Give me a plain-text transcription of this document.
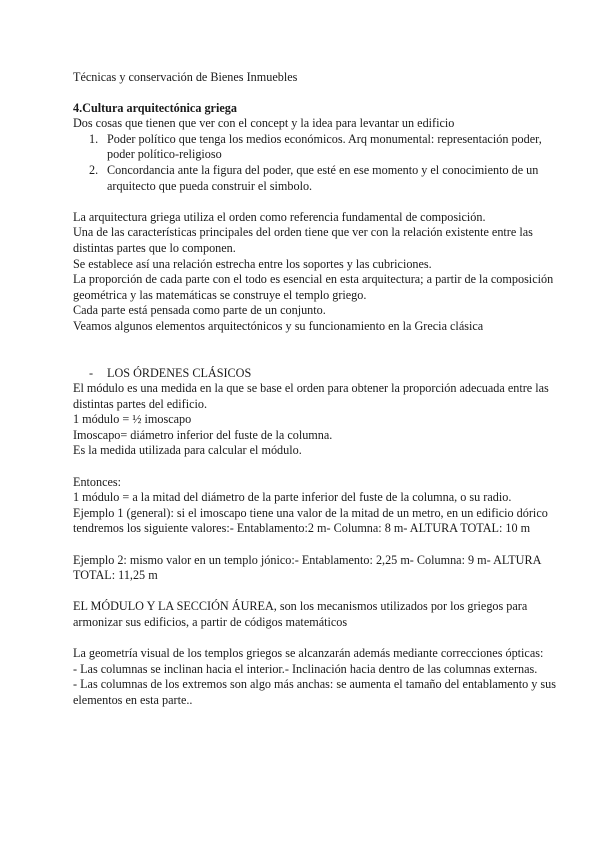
Técnicas y conservación de Bienes Inmuebles

4.Cultura arquitectónica griega

Dos cosas que tienen que ver con el concept y la idea para levantar un edificio

1. Poder político que tenga los medios económicos. Arq monumental: representación poder, poder político-religioso
2. Concordancia ante la figura del poder, que esté en ese momento y el conocimiento de un arquitecto que pueda construir el simbolo.

La arquitectura griega utiliza el orden como referencia fundamental de composición.

Una de las características principales del orden tiene que ver con la relación existente entre las distintas partes que lo componen.

Se establece así una relación estrecha entre los soportes y las cubriciones.

La proporción de cada parte con el todo es esencial en esta arquitectura; a partir de la composición geométrica y las matemáticas se construye el templo griego.

Cada parte está pensada como parte de un conjunto.

Veamos algunos elementos arquitectónicos y su funcionamiento en la Grecia clásica

- LOS ÓRDENES CLÁSICOS

El módulo es una medida en la que se base el orden para obtener la proporción adecuada entre las distintas partes del edificio.

1 módulo = ½ imoscapo

Imoscapo= diámetro inferior del fuste de la columna.

Es la medida utilizada para calcular el módulo.

Entonces:

1 módulo = a la mitad del diámetro de la parte inferior del fuste de la columna, o su radio.

Ejemplo 1 (general): si el imoscapo tiene una valor de la mitad de un metro, en un edificio dórico tendremos los siguiente valores:- Entablamento:2 m- Columna: 8 m- ALTURA TOTAL: 10 m

Ejemplo 2: mismo valor en un templo jónico:- Entablamento: 2,25 m- Columna: 9 m- ALTURA TOTAL: 11,25 m

EL MÓDULO Y LA SECCIÓN ÁUREA, son los mecanismos utilizados por los griegos para armonizar sus edificios, a partir de códigos matemáticos

La geometría visual de los templos griegos se alcanzarán además mediante correcciones ópticas:

- Las columnas se inclinan hacia el interior.- Inclinación hacia dentro de las columnas externas.

- Las columnas de los extremos son algo más anchas: se aumenta el tamaño del entablamento y sus elementos en esta parte..
